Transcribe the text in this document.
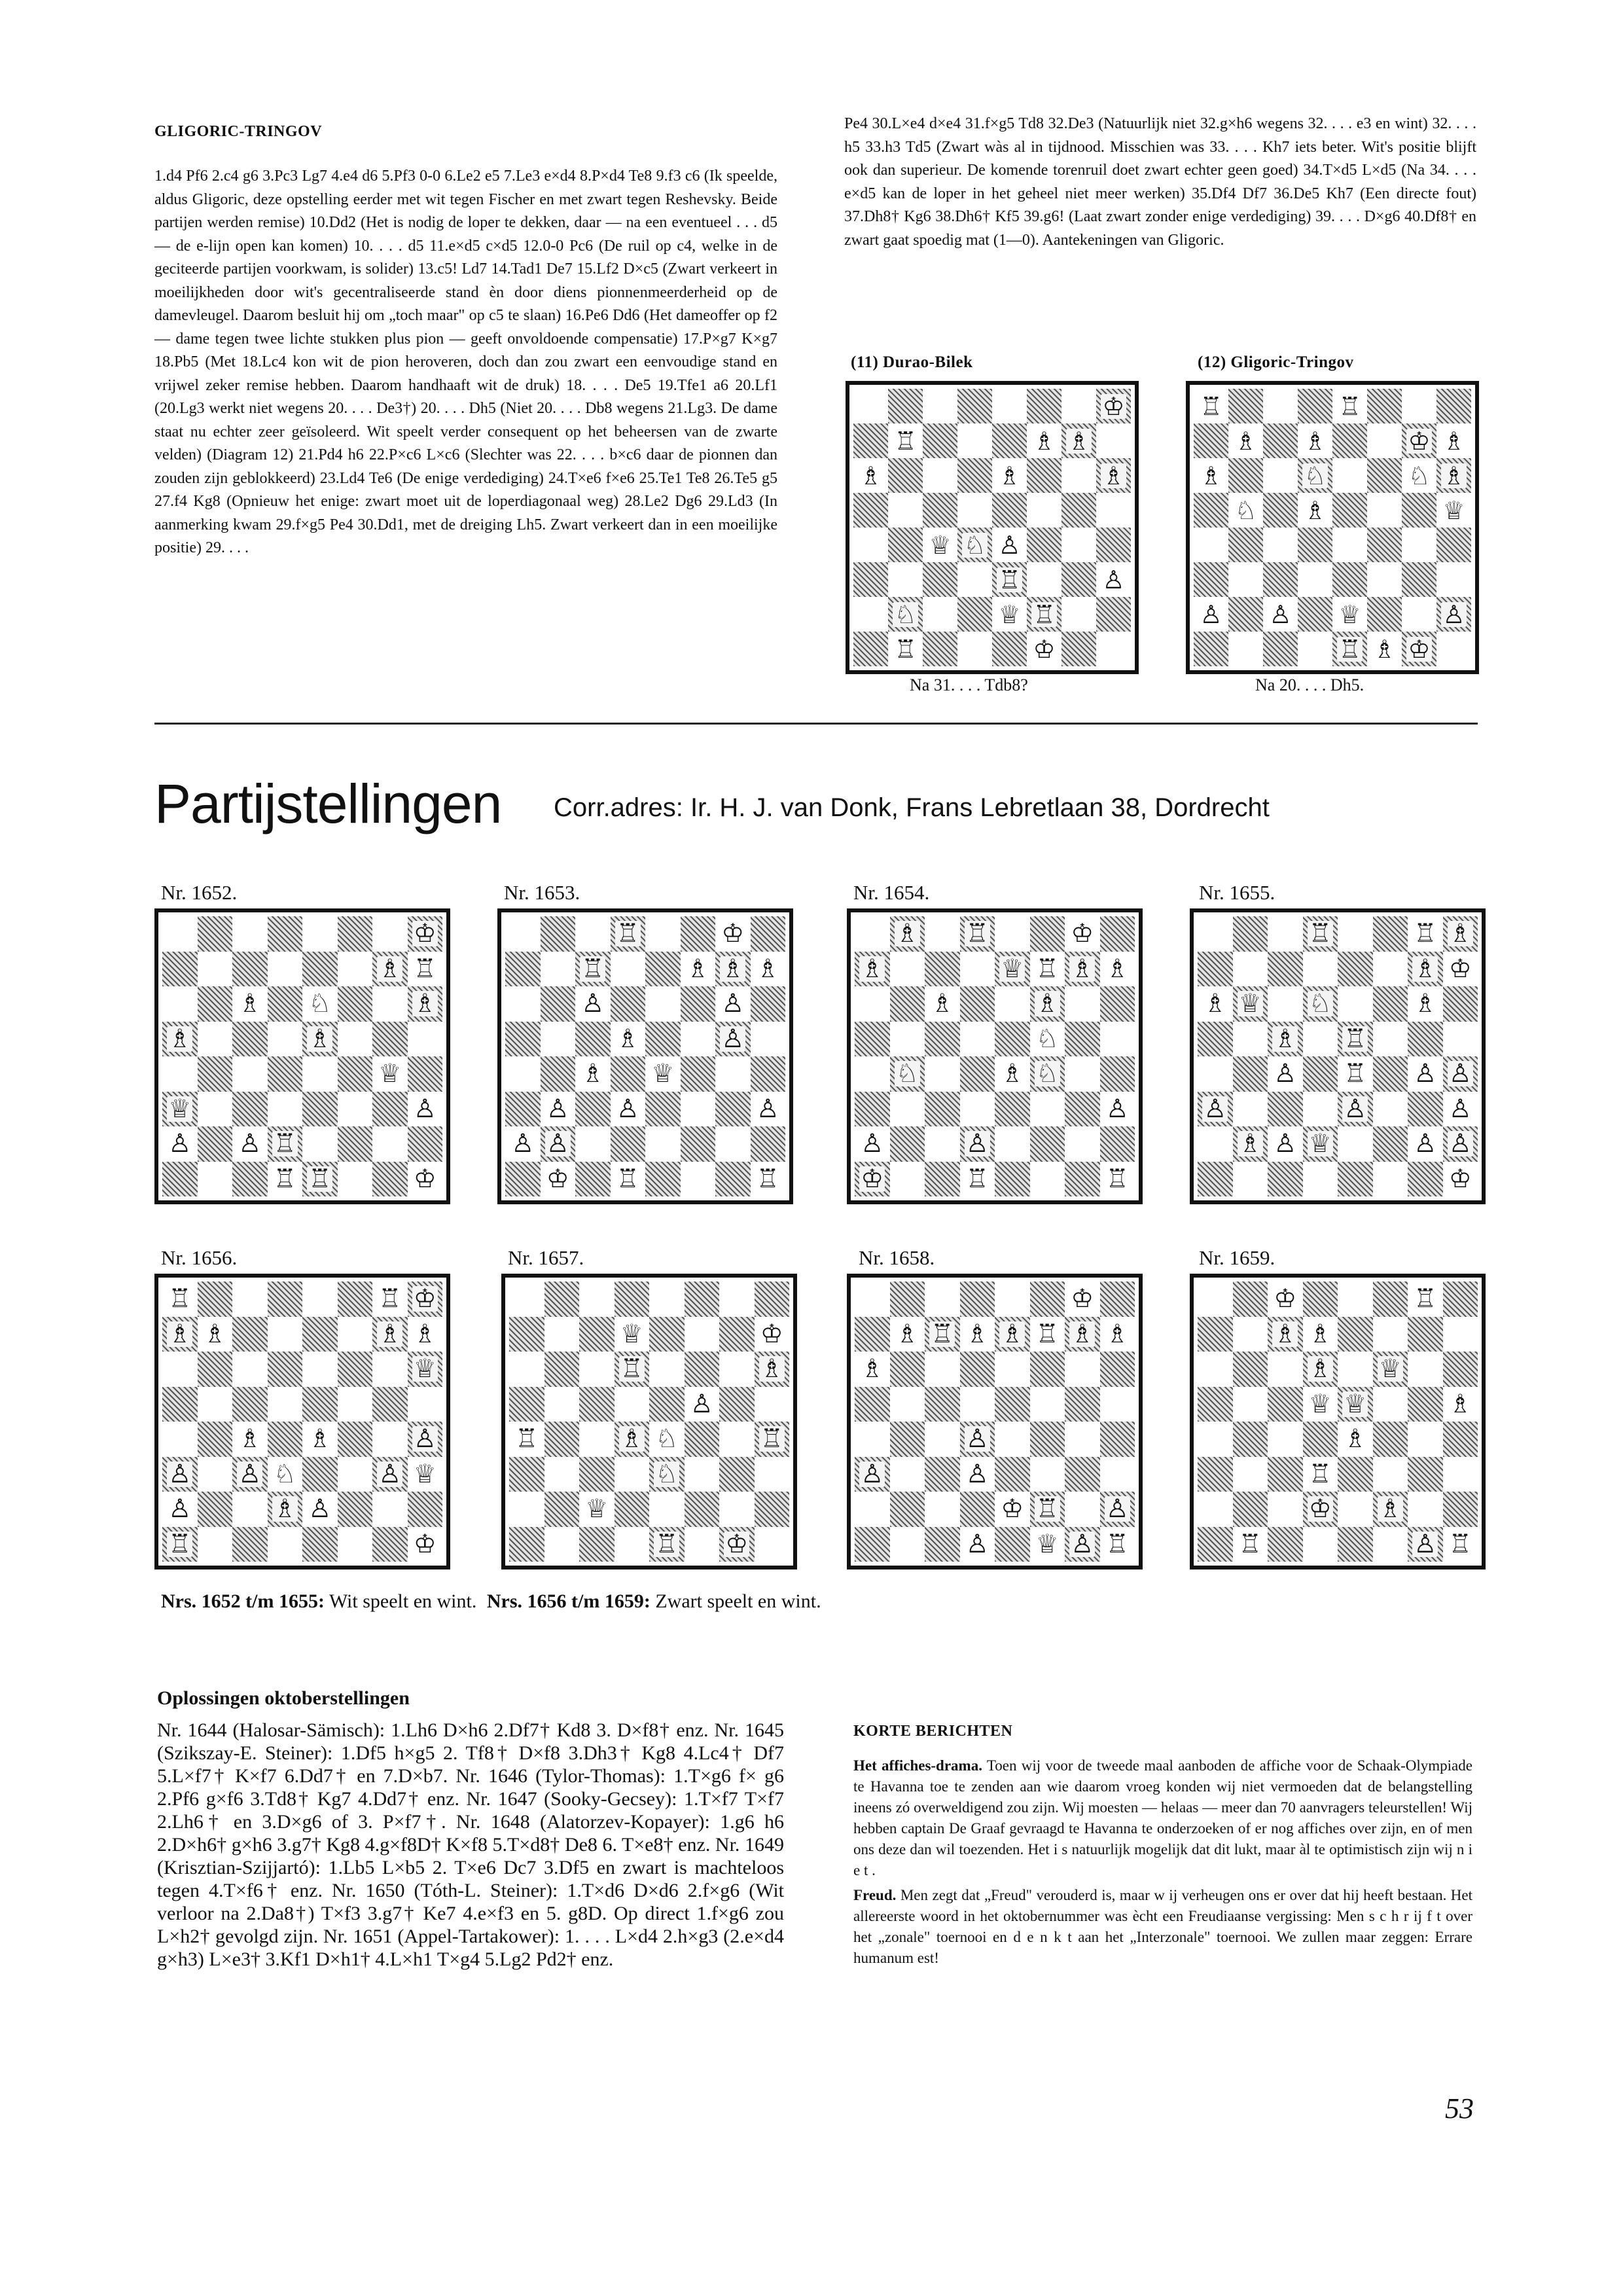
GLIGORIC-TRINGOV

1.d4 Pf6 2.c4 g6 3.Pc3 Lg7 4.e4 d6 5.Pf3 0-0 6.Le2 e5 7.Le3 e×d4 8.P×d4 Te8 9.f3 c6 (Ik speelde, aldus Gligoric, deze opstelling eerder met wit tegen Fischer en met zwart tegen Reshevsky. Beide partijen werden remise) 10.Dd2 (Het is nodig de loper te dekken, daar — na een eventueel . . . d5 — de e-lijn open kan komen) 10. . . . d5 11.e×d5 c×d5 12.0-0 Pc6 (De ruil op c4, welke in de geciteerde partijen voorkwam, is solider) 13.c5! Ld7 14.Tad1 De7 15.Lf2 D×c5 (Zwart verkeert in moeilijkheden door wit's gecentraliseerde stand èn door diens pionnenmeerderheid op de damevleugel. Daarom besluit hij om „toch maar" op c5 te slaan) 16.Pe6 Dd6 (Het dameoffer op f2 — dame tegen twee lichte stukken plus pion — geeft onvoldoende compensatie) 17.P×g7 K×g7 18.Pb5 (Met 18.Lc4 kon wit de pion heroveren, doch dan zou zwart een eenvoudige stand en vrijwel zeker remise hebben. Daarom handhaaft wit de druk) 18. . . . De5 19.Tfe1 a6 20.Lf1 (20.Lg3 werkt niet wegens 20. . . . De3†) 20. . . . Dh5 (Niet 20. . . . Db8 wegens 21.Lg3. De dame staat nu echter zeer geïsoleerd. Wit speelt verder consequent op het beheersen van de zwarte velden) (Diagram 12) 21.Pd4 h6 22.P×c6 L×c6 (Slechter was 22. . . . b×c6 daar de pionnen dan zouden zijn geblokkeerd) 23.Ld4 Te6 (De enige verdediging) 24.T×e6 f×e6 25.Te1 Te8 26.Te5 g5 27.f4 Kg8 (Opnieuw het enige: zwart moet uit de loperdiagonaal weg) 28.Le2 Dg6 29.Ld3 (In aanmerking kwam 29.f×g5 Pe4 30.Dd1, met de dreiging Lh5. Zwart verkeert dan in een moeilijke positie) 29. . . .

Pe4 30.L×e4 d×e4 31.f×g5 Td8 32.De3 (Natuurlijk niet 32.g×h6 wegens 32. . . . e3 en wint) 32. . . . h5 33.h3 Td5 (Zwart wàs al in tijdnood. Misschien was 33. . . . Kh7 iets beter. Wit's positie blijft ook dan superieur. De komende torenruil doet zwart echter geen goed) 34.T×d5 L×d5 (Na 34. . . . e×d5 kan de loper in het geheel niet meer werken) 35.Df4 Df7 36.De5 Kh7 (Een directe fout) 37.Dh8† Kg6 38.Dh6† Kf5 39.g6! (Laat zwart zonder enige verdediging) 39. . . . D×g6 40.Df8† en zwart gaat spoedig mat (1—0). Aantekeningen van Gligoric.

(11) Durao-Bilek
♔
♖	♗ ♗
♗	♗	♗
♕ ♘ ♙
♖	♙
♘	♕ ♖
♖	♔
Na 31. . . . Tdb8?
(12) Gligoric-Tringov
♖	♖
♗ ♗	♔ ♗
♗	♘	♘ ♗
♘ ♗	♕
♙ ♙ ♕	♙
♖ ♗ ♔
Na 20. . . . Dh5.
Partijstellingen Corr.adres: Ir. H. J. van Donk, Frans Lebretlaan 38, Dordrecht
Nr. 1652.
♔
♗ ♖
♗ ♘	♗
♗	♗
♕
♕	♙
♙ ♙ ♖
♖ ♖	♔
Nr. 1653.
♖	♔
♖	♗ ♗ ♗
♙	♙
♗	♙
♗ ♕
♙ ♙	♙
♙ ♙
♔ ♖	♖
Nr. 1654.
♗ ♖	♔
♗	♕ ♖ ♗ ♗
♗	♗
♘
♘	♗ ♘
♙
♙	♙
♔	♖	♖
Nr. 1655.
♖	♖ ♗
♗ ♔
♗ ♕ ♘	♗
♗ ♖
♙ ♖ ♙ ♙
♙	♙	♙
♗ ♙ ♕	♙ ♙
♔
Nr. 1656.
♖	♖ ♔
♗ ♗	♗ ♗
♕
♗ ♗	♙
♙ ♙ ♘	♙ ♕
♙	♗ ♙
♖	♔
Nr. 1657.
♕	♔
♖	♗
♙
♖	♗ ♘	♖
♘
♕
♖ ♔
Nr. 1658.
♔
♗ ♖ ♗ ♗ ♖ ♗ ♗
♗
♙
♙	♙
♔ ♖ ♙
♙ ♕ ♙ ♖
Nr. 1659.
♔	♖
♗ ♗
♗ ♕
♕ ♕	♗
♗
♖
♔ ♗
♖	♙ ♖
Nrs. 1652 t/m 1655: Wit speelt en wint. Nrs. 1656 t/m 1659: Zwart speelt en wint.
Oplossingen oktoberstellingen

Nr. 1644 (Halosar-Sämisch): 1.Lh6 D×h6 2.Df7† Kd8 3. D×f8† enz. Nr. 1645 (Szikszay-E. Steiner): 1.Df5 h×g5 2. Tf8† D×f8 3.Dh3† Kg8 4.Lc4† Df7 5.L×f7† K×f7 6.Dd7† en 7.D×b7. Nr. 1646 (Tylor-Thomas): 1.T×g6 f× g6 2.Pf6 g×f6 3.Td8† Kg7 4.Dd7† enz. Nr. 1647 (Sooky-Gecsey): 1.T×f7 T×f7 2.Lh6† en 3.D×g6 of 3. P×f7†. Nr. 1648 (Alatorzev-Kopayer): 1.g6 h6 2.D×h6† g×h6 3.g7† Kg8 4.g×f8D† K×f8 5.T×d8† De8 6. T×e8† enz. Nr. 1649 (Krisztian-Szijjartó): 1.Lb5 L×b5 2. T×e6 Dc7 3.Df5 en zwart is machteloos tegen 4.T×f6† enz. Nr. 1650 (Tóth-L. Steiner): 1.T×d6 D×d6 2.f×g6 (Wit verloor na 2.Da8†) T×f3 3.g7† Ke7 4.e×f3 en 5. g8D. Op direct 1.f×g6 zou L×h2† gevolgd zijn. Nr. 1651 (Appel-Tartakower): 1. . . . L×d4 2.h×g3 (2.e×d4 g×h3) L×e3† 3.Kf1 D×h1† 4.L×h1 T×g4 5.Lg2 Pd2† enz.

KORTE BERICHTEN

Het affiches-drama. Toen wij voor de tweede maal aanboden de affiche voor de Schaak-Olympiade te Havanna toe te zenden aan wie daarom vroeg konden wij niet vermoeden dat de belangstelling ineens zó overweldigend zou zijn. Wij moesten — helaas — meer dan 70 aanvragers teleurstellen! Wij hebben captain De Graaf gevraagd te Havanna te onderzoeken of er nog affiches over zijn, en of men ons deze dan wil toezenden. Het i s natuurlijk mogelijk dat dit lukt, maar àl te optimistisch zijn wij n i e t .

Freud. Men zegt dat „Freud" verouderd is, maar w ij verheugen ons er over dat hij heeft bestaan. Het allereerste woord in het oktobernummer was ècht een Freudiaanse vergissing: Men s c h r ij f t over het „zonale" toernooi en d e n k t aan het „Interzonale" toernooi. We zullen maar zeggen: Errare humanum est!

53
